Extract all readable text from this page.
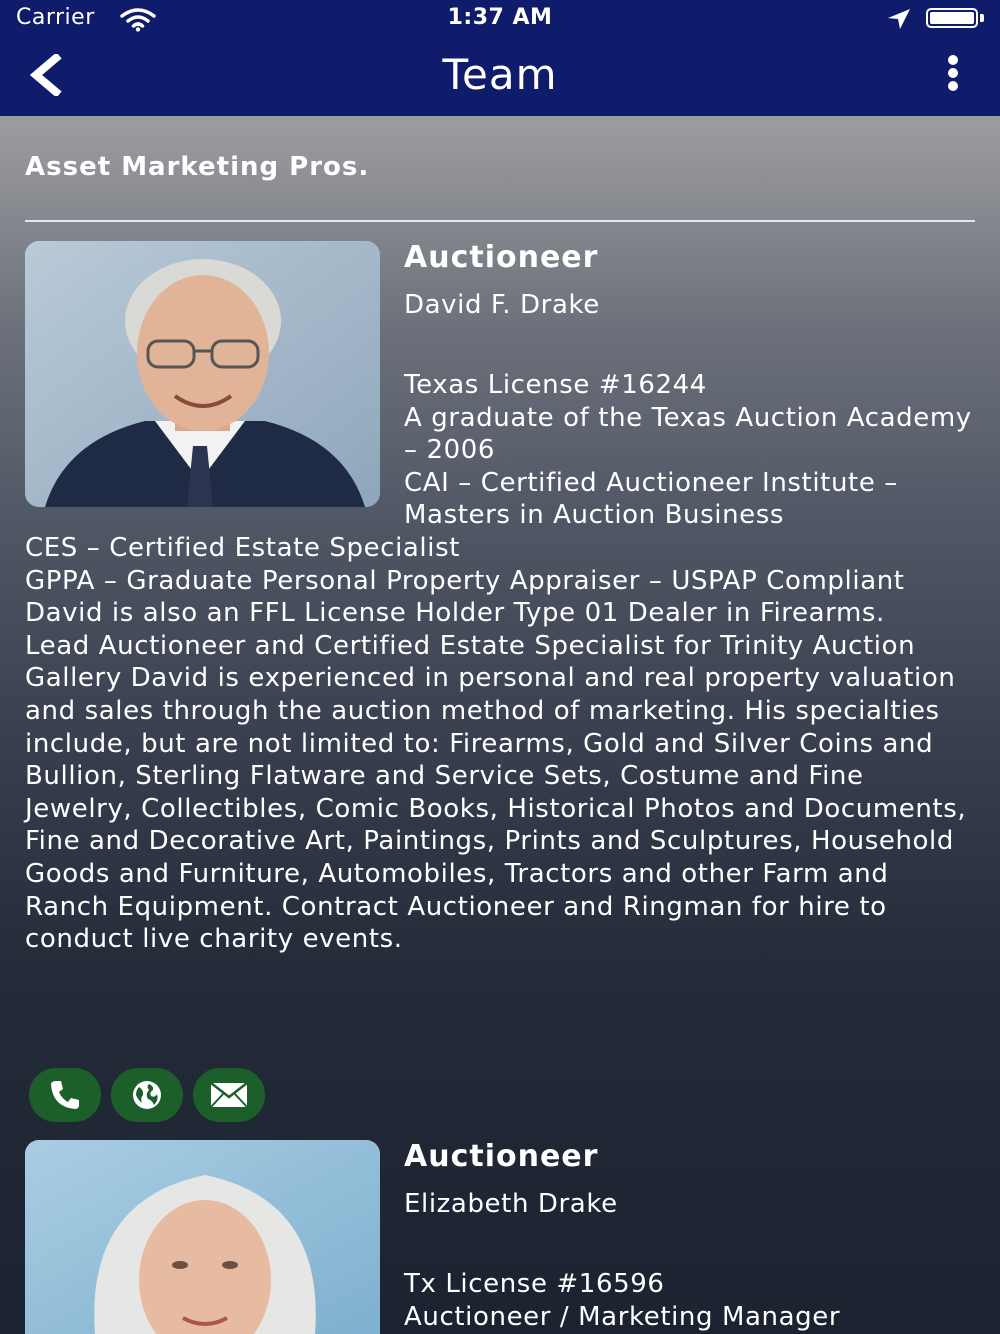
Carrier	1:37 AM
Team
Asset Marketing Pros.
Auctioneer
David F. Drake
Texas License #16244
A graduate of the Texas Auction Academy – 2006
CAI – Certified Auctioneer Institute – Masters in Auction Business
CES – Certified Estate Specialist
GPPA – Graduate Personal Property Appraiser – USPAP Compliant
David is also an FFL License Holder Type 01 Dealer in Firearms.
Lead Auctioneer and Certified Estate Specialist for Trinity Auction Gallery David is experienced in personal and real property valuation and sales through the auction method of marketing. His specialties include, but are not limited to: Firearms, Gold and Silver Coins and Bullion, Sterling Flatware and Service Sets, Costume and Fine Jewelry, Collectibles, Comic Books, Historical Photos and Documents, Fine and Decorative Art, Paintings, Prints and Sculptures, Household Goods and Furniture, Automobiles, Tractors and other Farm and Ranch Equipment. Contract Auctioneer and Ringman for hire to conduct live charity events.
Auctioneer
Elizabeth Drake
Tx License #16596
Auctioneer / Marketing Manager
